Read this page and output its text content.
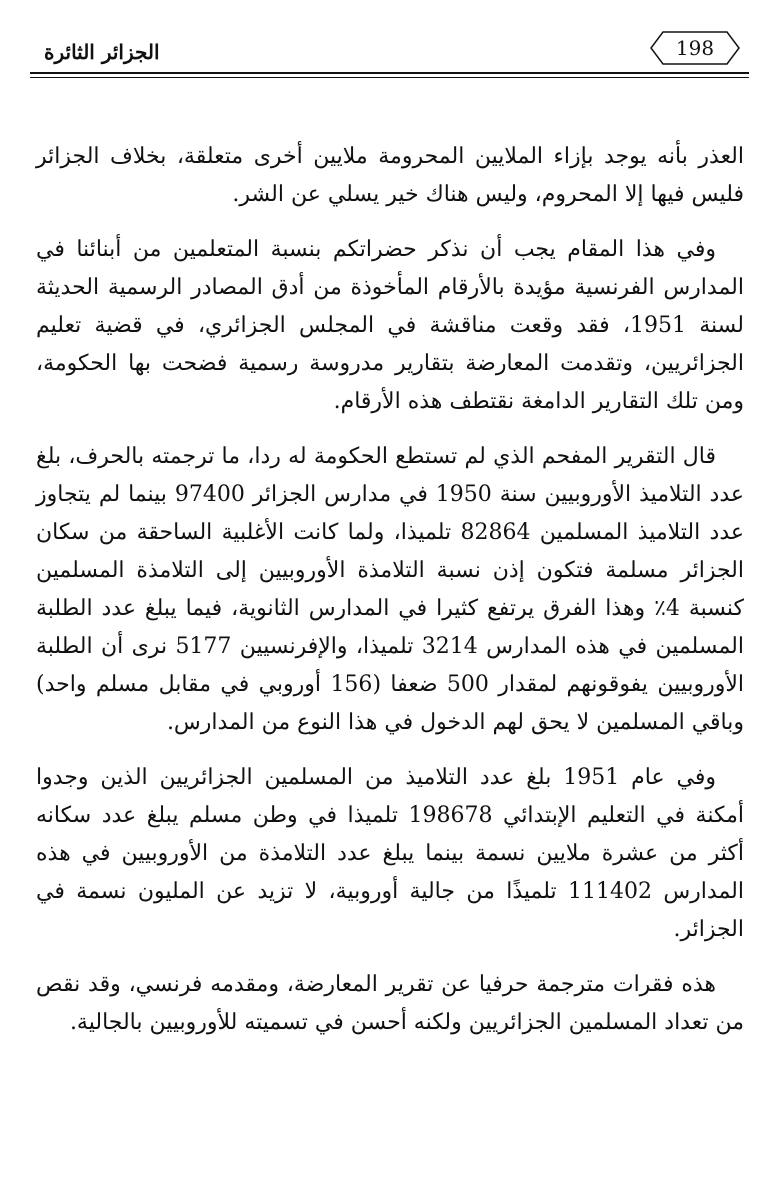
الجزائر الثائرة	198

العذر بأنه يوجد بإزاء الملايين المحرومة ملايين أخرى متعلقة، بخلاف الجزائر فليس فيها إلا المحروم، وليس هناك خير يسلي عن الشر.

وفي هذا المقام يجب أن نذكر حضراتكم بنسبة المتعلمين من أبنائنا في المدارس الفرنسية مؤيدة بالأرقام المأخوذة من أدق المصادر الرسمية الحديثة لسنة 1951، فقد وقعت مناقشة في المجلس الجزائري، في قضية تعليم الجزائريين، وتقدمت المعارضة بتقارير مدروسة رسمية فضحت بها الحكومة، ومن تلك التقارير الدامغة نقتطف هذه الأرقام.

قال التقرير المفحم الذي لم تستطع الحكومة له ردا، ما ترجمته بالحرف، بلغ عدد التلاميذ الأوروبيين سنة 1950 في مدارس الجزائر 97400 بينما لم يتجاوز عدد التلاميذ المسلمين 82864 تلميذا، ولما كانت الأغلبية الساحقة من سكان الجزائر مسلمة فتكون إذن نسبة التلامذة الأوروبيين إلى التلامذة المسلمين كنسبة 4٪ وهذا الفرق يرتفع كثيرا في المدارس الثانوية، فيما يبلغ عدد الطلبة المسلمين في هذه المدارس 3214 تلميذا، والإفرنسيين 5177 نرى أن الطلبة الأوروبيين يفوقونهم لمقدار 500 ضعفا (156 أوروبي في مقابل مسلم واحد) وباقي المسلمين لا يحق لهم الدخول في هذا النوع من المدارس.

وفي عام 1951 بلغ عدد التلاميذ من المسلمين الجزائريين الذين وجدوا أمكنة في التعليم الإبتدائي 198678 تلميذا في وطن مسلم يبلغ عدد سكانه أكثر من عشرة ملايين نسمة بينما يبلغ عدد التلامذة من الأوروبيين في هذه المدارس 111402 تلميذًا من جالية أوروبية، لا تزيد عن المليون نسمة في الجزائر.

هذه فقرات مترجمة حرفيا عن تقرير المعارضة، ومقدمه فرنسي، وقد نقص من تعداد المسلمين الجزائريين ولكنه أحسن في تسميته للأوروبيين بالجالية.
